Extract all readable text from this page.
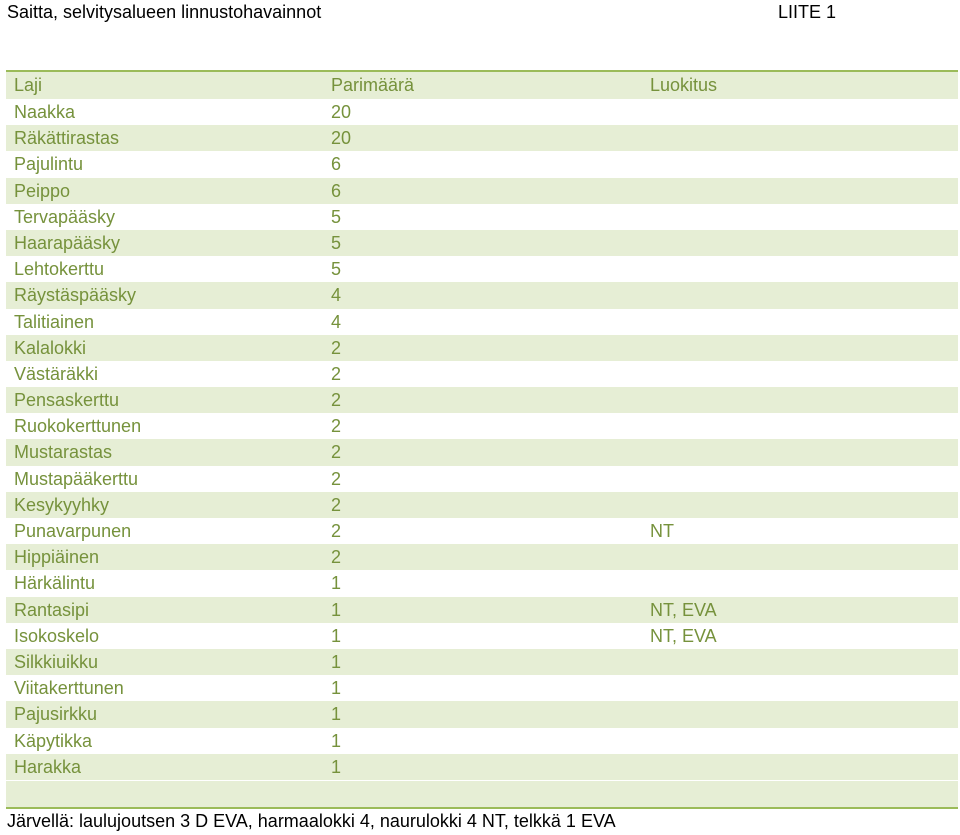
Saitta, selvitysalueen linnustohavainnot	LIITE 1
Laji	Parimäärä	Luokitus
Naakka	20
Räkättirastas	20
Pajulintu	6
Peippo	6
Tervapääsky	5
Haarapääsky	5
Lehtokerttu	5
Räystäspääsky	4
Talitiainen	4
Kalalokki	2
Västäräkki	2
Pensaskerttu	2
Ruokokerttunen	2
Mustarastas	2
Mustapääkerttu	2
Kesykyyhky	2
Punavarpunen	2	NT
Hippiäinen	2
Härkälintu	1
Rantasipi	1	NT, EVA
Isokoskelo	1	NT, EVA
Silkkiuikku	1
Viitakerttunen	1
Pajusirkku	1
Käpytikka	1
Harakka	1
Järvellä: laulujoutsen 3 D EVA, harmaalokki 4, naurulokki 4 NT, telkkä 1 EVA
